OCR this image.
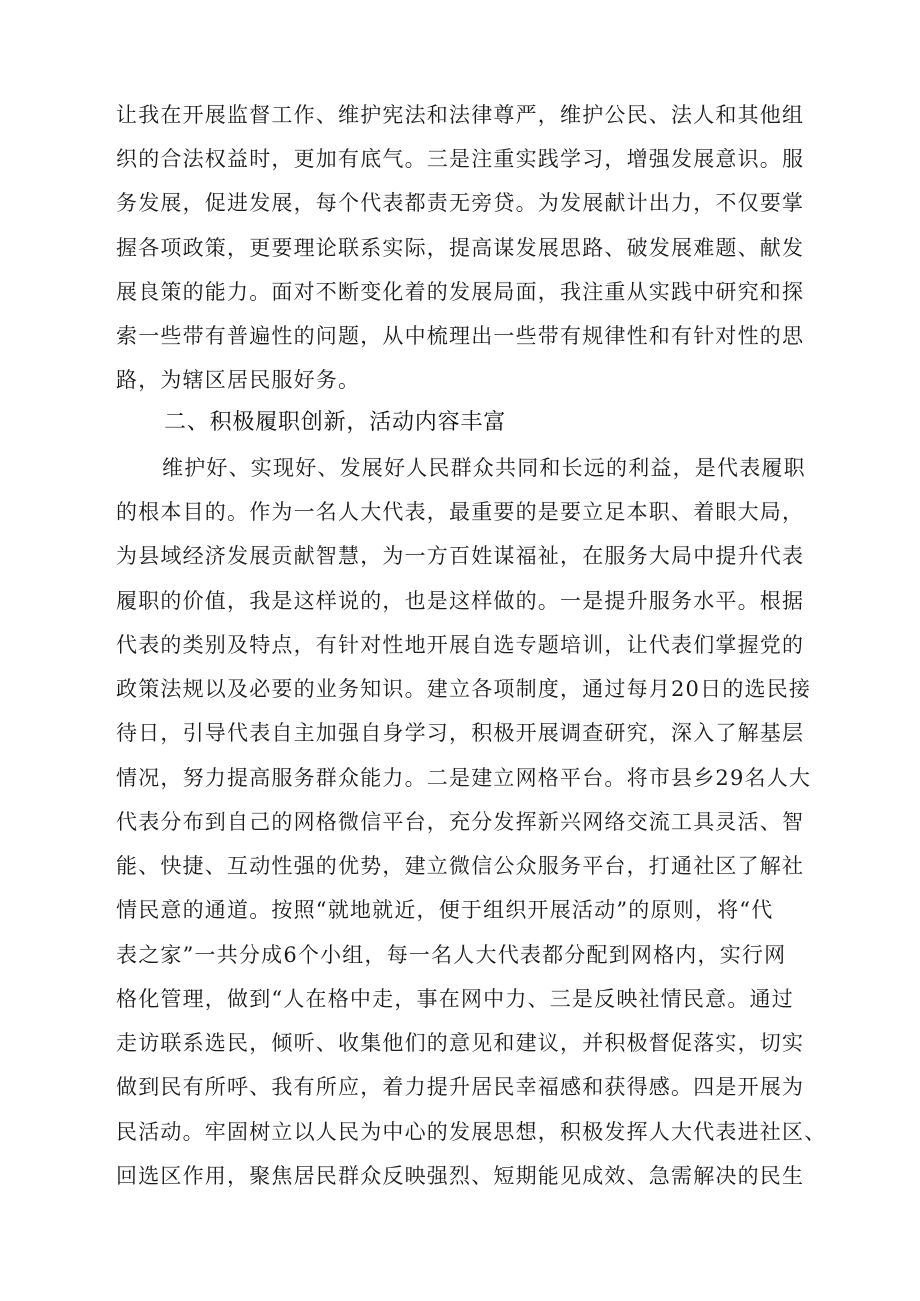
让我在开展监督工作、维护宪法和法律尊严，维护公民、法人和其他组
织的合法权益时，更加有底气。三是注重实践学习，增强发展意识。服
务发展，促进发展，每个代表都责无旁贷。为发展献计出力，不仅要掌
握各项政策，更要理论联系实际，提高谋发展思路、破发展难题、献发
展良策的能力。面对不断变化着的发展局面，我注重从实践中研究和探
索一些带有普遍性的问题，从中梳理出一些带有规律性和有针对性的思
路，为辖区居民服好务。
二、积极履职创新，活动内容丰富
维护好、实现好、发展好人民群众共同和长远的利益，是代表履职
的根本目的。作为一名人大代表，最重要的是要立足本职、着眼大局，
为县域经济发展贡献智慧，为一方百姓谋福祉，在服务大局中提升代表
履职的价值，我是这样说的，也是这样做的。一是提升服务水平。根据
代表的类别及特点，有针对性地开展自选专题培训，让代表们掌握党的
政策法规以及必要的业务知识。建立各项制度，通过每月20日的选民接
待日，引导代表自主加强自身学习，积极开展调查研究，深入了解基层
情况，努力提高服务群众能力。二是建立网格平台。将市县乡29名人大
代表分布到自己的网格微信平台，充分发挥新兴网络交流工具灵活、智
能、快捷、互动性强的优势，建立微信公众服务平台，打通社区了解社
情民意的通道。按照“就地就近，便于组织开展活动”的原则，将“代
表之家”一共分成6个小组，每一名人大代表都分配到网格内，实行网
格化管理，做到“人在格中走，事在网中力、三是反映社情民意。通过
走访联系选民，倾听、收集他们的意见和建议，并积极督促落实，切实
做到民有所呼、我有所应，着力提升居民幸福感和获得感。四是开展为
民活动。牢固树立以人民为中心的发展思想，积极发挥人大代表进社区、
回选区作用，聚焦居民群众反映强烈、短期能见成效、急需解决的民生
